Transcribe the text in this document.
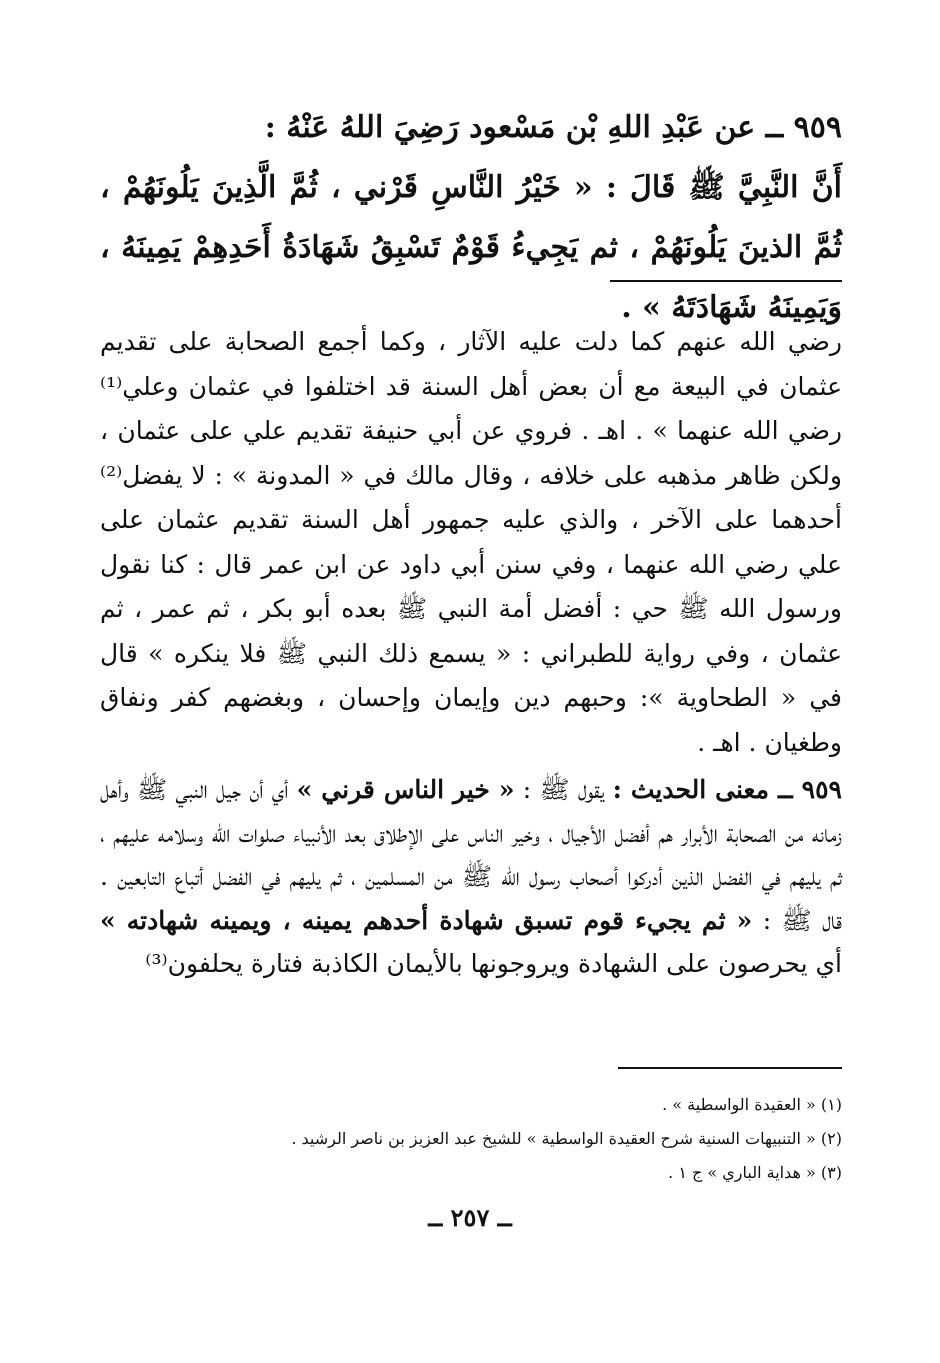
٩٥٩ ــ عن عَبْدِ اللهِ بْن مَسْعود رَضِيَ اللهُ عَنْهُ :

أَنَّ النَّبِيَّ ﷺ قَالَ : « خَيْرُ النَّاسِ قَرْني ، ثُمَّ الَّذِينَ يَلُونَهُمْ ، ثُمَّ الذينَ يَلُونَهُمْ ، ثم يَجِيءُ قَوْمٌ تَسْبِقُ شَهَادَةُ أَحَدِهِمْ يَمِينَهُ ، وَيَمِينَهُ شَهَادَتَهُ » .

رضي الله عنهم كما دلت عليه الآثار ، وكما أجمع الصحابة على تقديم عثمان في البيعة مع أن بعض أهل السنة قد اختلفوا في عثمان وعلي⁽¹⁾ رضي الله عنهما » . اهـ . فروي عن أبي حنيفة تقديم علي على عثمان ، ولكن ظاهر مذهبه على خلافه ، وقال مالك في « المدونة » : لا يفضل⁽²⁾ أحدهما على الآخر ، والذي عليه جمهور أهل السنة تقديم عثمان على علي رضي الله عنهما ، وفي سنن أبي داود عن ابن عمر قال : كنا نقول ورسول الله ﷺ حي : أفضل أمة النبي ﷺ بعده أبو بكر ، ثم عمر ، ثم عثمان ، وفي رواية للطبراني : « يسمع ذلك النبي ﷺ فلا ينكره » قال في « الطحاوية »: وحبهم دين وإيمان وإحسان ، وبغضهم كفر ونفاق وطغيان . اهـ .

٩٥٩ ــ معنى الحديث : يقول ﷺ : « خير الناس قرني » أي أن جيل النبي ﷺ وأهل زمانه من الصحابة الأبرار هم أفضل الأجيال ، وخير الناس على الإطلاق بعد الأنبياء صلوات الله وسلامه عليهم ، ثم يليهم في الفضل الذين أدركوا أصحاب رسول الله ﷺ من المسلمين ، ثم يليهم في الفضل أتباع التابعين . قال ﷺ : « ثم يجيء قوم تسبق شهادة أحدهم يمينه ، ويمينه شهادته » أي يحرصون على الشهادة ويروجونها بالأيمان الكاذبة فتارة يحلفون⁽³⁾

(١) « العقيدة الواسطية » .

(٢) « التنبيهات السنية شرح العقيدة الواسطية » للشيخ عبد العزيز بن ناصر الرشيد .

(٣) « هداية الباري » ج ١ .

ــ ٢٥٧ ــ
